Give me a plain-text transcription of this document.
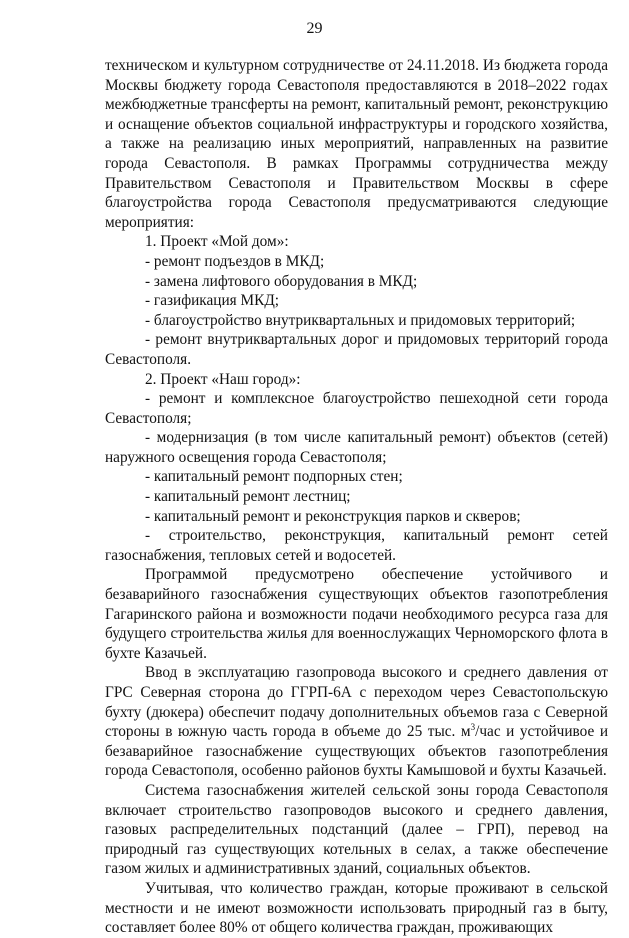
29

техническом и культурном сотрудничестве от 24.11.2018. Из бюджета города Москвы бюджету города Севастополя предоставляются в 2018–2022 годах межбюджетные трансферты на ремонт, капитальный ремонт, реконструкцию и оснащение объектов социальной инфраструктуры и городского хозяйства, а также на реализацию иных мероприятий, направленных на развитие города Севастополя. В рамках Программы сотрудничества между Правительством Севастополя и Правительством Москвы в сфере благоустройства города Севастополя предусматриваются следующие мероприятия:

1. Проект «Мой дом»:

- ремонт подъездов в МКД;

- замена лифтового оборудования в МКД;

- газификация МКД;

- благоустройство внутриквартальных и придомовых территорий;

- ремонт внутриквартальных дорог и придомовых территорий города Севастополя.

2. Проект «Наш город»:

- ремонт и комплексное благоустройство пешеходной сети города Севастополя;

- модернизация (в том числе капитальный ремонт) объектов (сетей) наружного освещения города Севастополя;

- капитальный ремонт подпорных стен;

- капитальный ремонт лестниц;

- капитальный ремонт и реконструкция парков и скверов;

- строительство, реконструкция, капитальный ремонт сетей газоснабжения, тепловых сетей и водосетей.

Программой предусмотрено обеспечение устойчивого и безаварийного газоснабжения существующих объектов газопотребления Гагаринского района и возможности подачи необходимого ресурса газа для будущего строительства жилья для военнослужащих Черноморского флота в бухте Казачьей.

Ввод в эксплуатацию газопровода высокого и среднего давления от ГРС Северная сторона до ГГРП-6А с переходом через Севастопольскую бухту (дюкера) обеспечит подачу дополнительных объемов газа с Северной стороны в южную часть города в объеме до 25 тыс. $м^3$/час и устойчивое и безаварийное газоснабжение существующих объектов газопотребления города Севастополя, особенно районов бухты Камышовой и бухты Казачьей.

Система газоснабжения жителей сельской зоны города Севастополя включает строительство газопроводов высокого и среднего давления, газовых распределительных подстанций (далее – ГРП), перевод на природный газ существующих котельных в селах, а также обеспечение газом жилых и административных зданий, социальных объектов.

Учитывая, что количество граждан, которые проживают в сельской местности и не имеют возможности использовать природный газ в быту, составляет более 80% от общего количества граждан, проживающих
